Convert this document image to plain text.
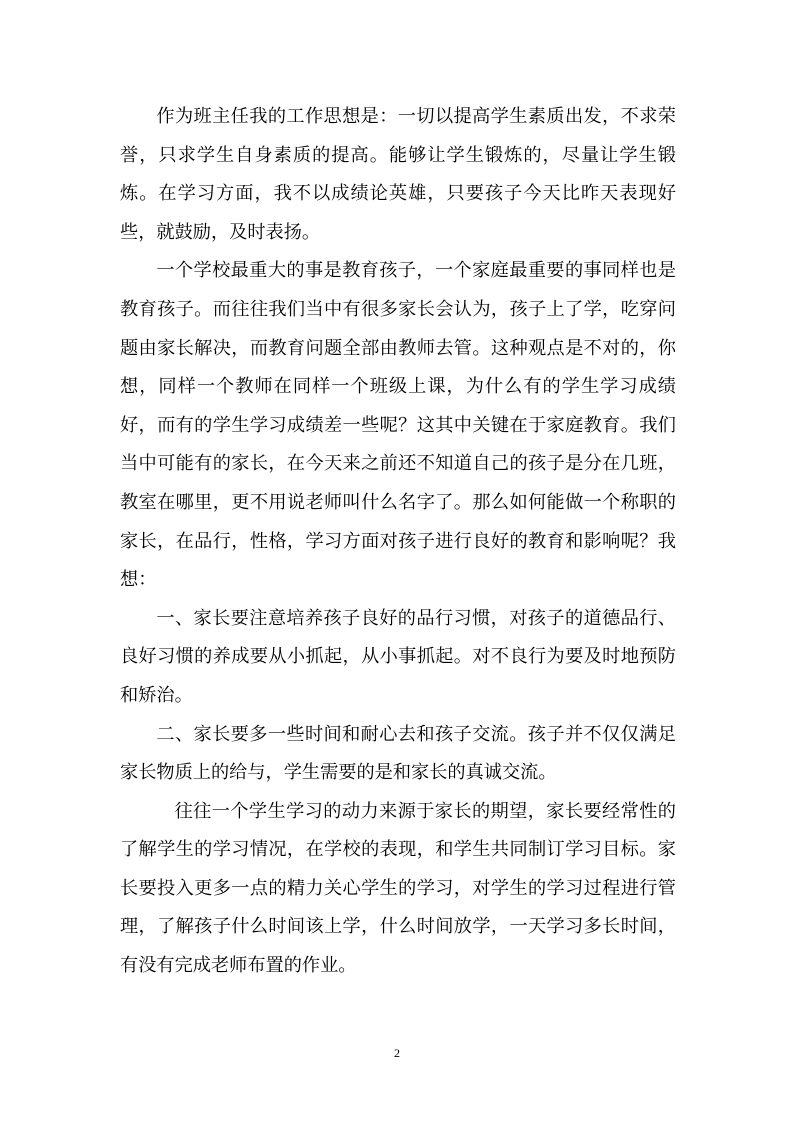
作为班主任我的工作思想是：一切以提高学生素质出发，不求荣誉，只求学生自身素质的提高。能够让学生锻炼的，尽量让学生锻炼。在学习方面，我不以成绩论英雄，只要孩子今天比昨天表现好些，就鼓励，及时表扬。

一个学校最重大的事是教育孩子，一个家庭最重要的事同样也是教育孩子。而往往我们当中有很多家长会认为，孩子上了学，吃穿问题由家长解决，而教育问题全部由教师去管。这种观点是不对的，你想，同样一个教师在同样一个班级上课，为什么有的学生学习成绩好，而有的学生学习成绩差一些呢？这其中关键在于家庭教育。我们当中可能有的家长，在今天来之前还不知道自己的孩子是分在几班，教室在哪里，更不用说老师叫什么名字了。那么如何能做一个称职的家长，在品行，性格，学习方面对孩子进行良好的教育和影响呢？我想：

一、家长要注意培养孩子良好的品行习惯，对孩子的道德品行、良好习惯的养成要从小抓起，从小事抓起。对不良行为要及时地预防和矫治。

二、家长要多一些时间和耐心去和孩子交流。孩子并不仅仅满足家长物质上的给与，学生需要的是和家长的真诚交流。

往往一个学生学习的动力来源于家长的期望，家长要经常性的了解学生的学习情况，在学校的表现，和学生共同制订学习目标。家长要投入更多一点的精力关心学生的学习，对学生的学习过程进行管理，了解孩子什么时间该上学，什么时间放学，一天学习多长时间，有没有完成老师布置的作业。

2
